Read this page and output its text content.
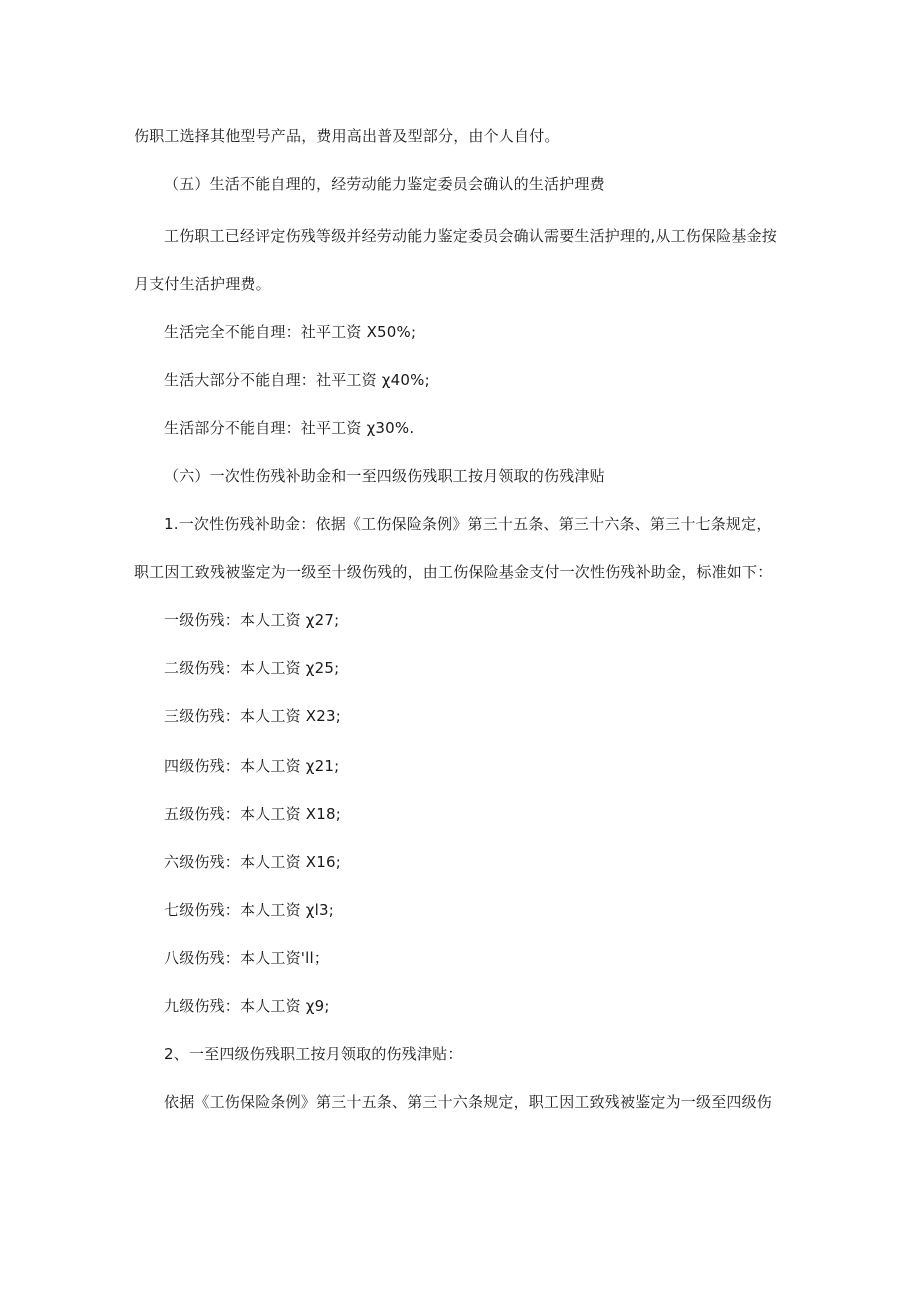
伤职工选择其他型号产品，费用高出普及型部分，由个人自付。
（五）生活不能自理的，经劳动能力鉴定委员会确认的生活护理费
工伤职工已经评定伤残等级并经劳动能力鉴定委员会确认需要生活护理的,从工伤保险基金按
月支付生活护理费。
生活完全不能自理：社平工资 X50%;
生活大部分不能自理：社平工资 χ40%;
生活部分不能自理：社平工资 χ30%.
（六）一次性伤残补助金和一至四级伤残职工按月领取的伤残津贴
1.一次性伤残补助金：依据《工伤保险条例》第三十五条、第三十六条、第三十七条规定，
职工因工致残被鉴定为一级至十级伤残的，由工伤保险基金支付一次性伤残补助金，标准如下：
一级伤残：本人工资 χ27;
二级伤残：本人工资 χ25;
三级伤残：本人工资 X23;
四级伤残：本人工资 χ21;
五级伤残：本人工资 X18;
六级伤残：本人工资 X16;
七级伤残：本人工资 χl3;
八级伤残：本人工资'll；
九级伤残：本人工资 χ9;
2、一至四级伤残职工按月领取的伤残津贴：
依据《工伤保险条例》第三十五条、第三十六条规定，职工因工致残被鉴定为一级至四级伤
